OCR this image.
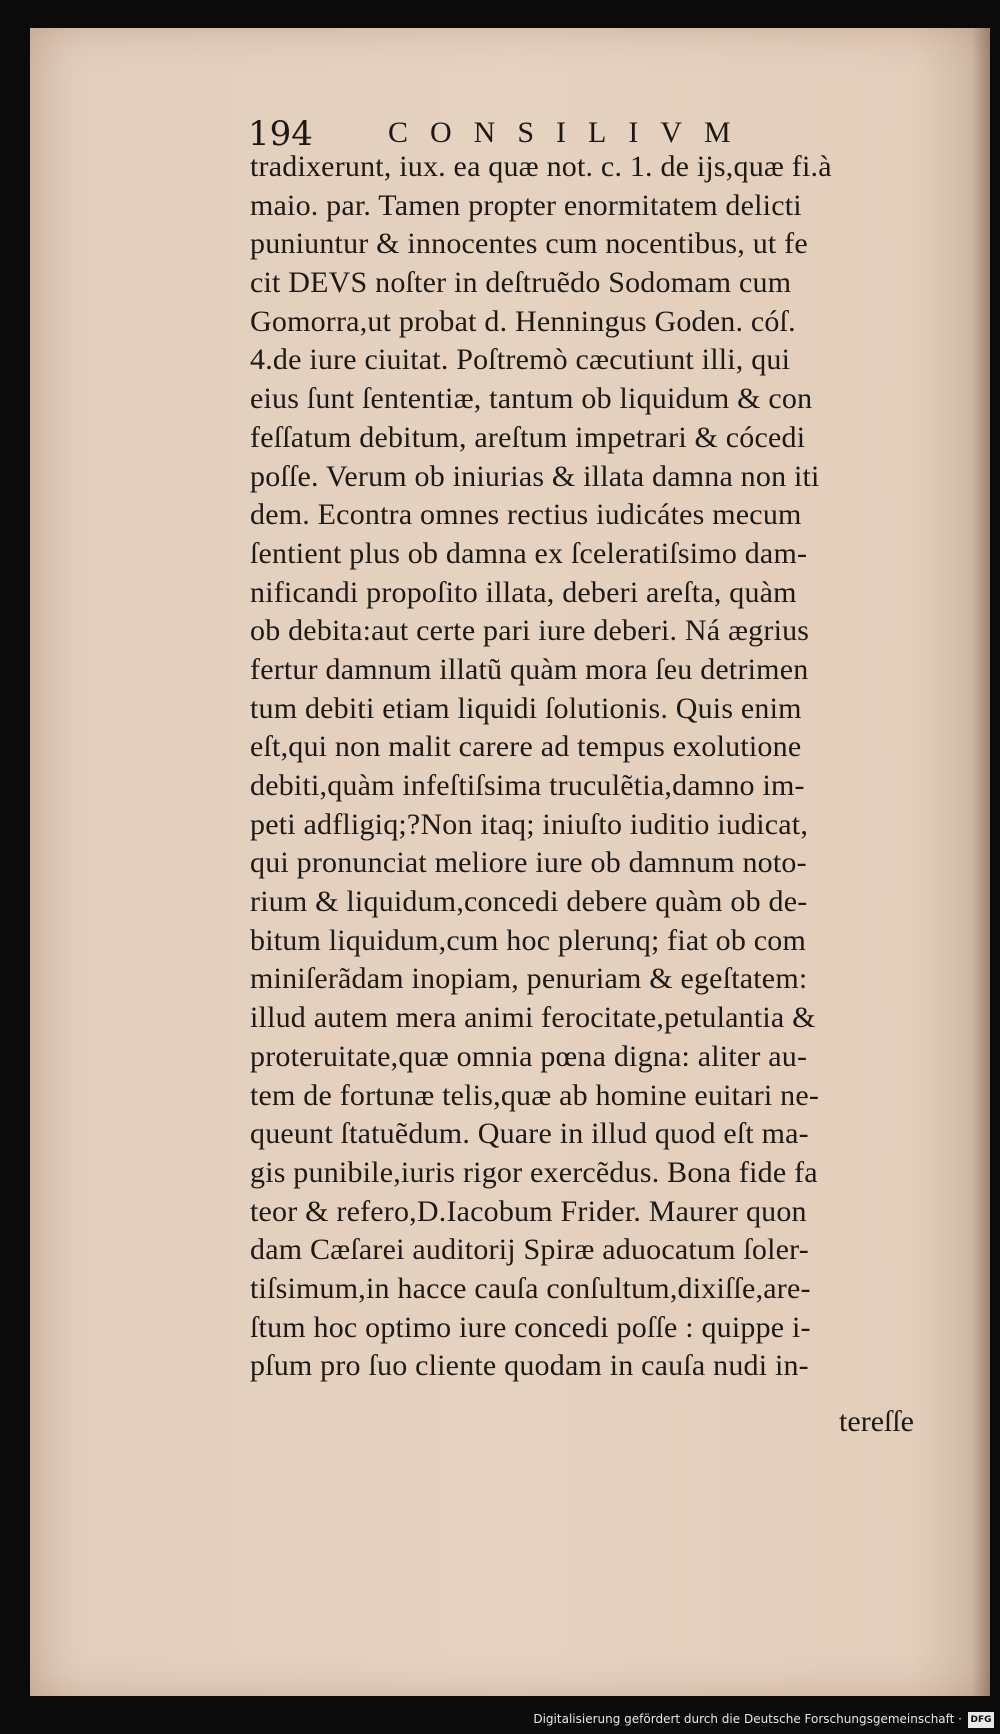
194	CONSILIVM
tradixerunt, iux. ea quæ not. c. 1. de ijs,quæ fi.à
maio. par. Tamen propter enormitatem delicti
puniuntur & innocentes cum nocentibus, ut fe
cit DEVS noſter in deſtruẽdo Sodomam cum
Gomorra,ut probat d. Henningus Goden. cóſ.
4.de iure ciuitat. Poſtremò cæcutiunt illi, qui
eius ſunt ſententiæ, tantum ob liquidum & con
feſſatum debitum, areſtum impetrari & cócedi
poſſe. Verum ob iniurias & illata damna non iti
dem. Econtra omnes rectius iudicátes mecum
ſentient plus ob damna ex ſceleratiſsimo dam-
nificandi propoſito illata, deberi areſta, quàm
ob debita:aut certe pari iure deberi. Ná ægrius
fertur damnum illatũ quàm mora ſeu detrimen
tum debiti etiam liquidi ſolutionis. Quis enim
eſt,qui non malit carere ad tempus exolutione
debiti,quàm infeſtiſsima truculẽtia,damno im-
peti adfligiq;?Non itaq; iniuſto iuditio iudicat,
qui pronunciat meliore iure ob damnum noto-
rium & liquidum,concedi debere quàm ob de-
bitum liquidum,cum hoc plerunq; fiat ob com
miniſerãdam inopiam, penuriam & egeſtatem:
illud autem mera animi ferocitate,petulantia &
proteruitate,quæ omnia pœna digna: aliter au-
tem de fortunæ telis,quæ ab homine euitari ne-
queunt ſtatuẽdum. Quare in illud quod eſt ma-
gis punibile,iuris rigor exercẽdus. Bona fide fa
teor & refero,D.Iacobum Frider. Maurer quon
dam Cæſarei auditorij Spiræ aduocatum ſoler-
tiſsimum,in hacce cauſa conſultum,dixiſſe,are-
ſtum hoc optimo iure concedi poſſe : quippe i-
pſum pro ſuo cliente quodam in cauſa nudi in-
tereſſe
Digitalisierung gefördert durch die Deutsche Forschungsgemeinschaft · DFG
